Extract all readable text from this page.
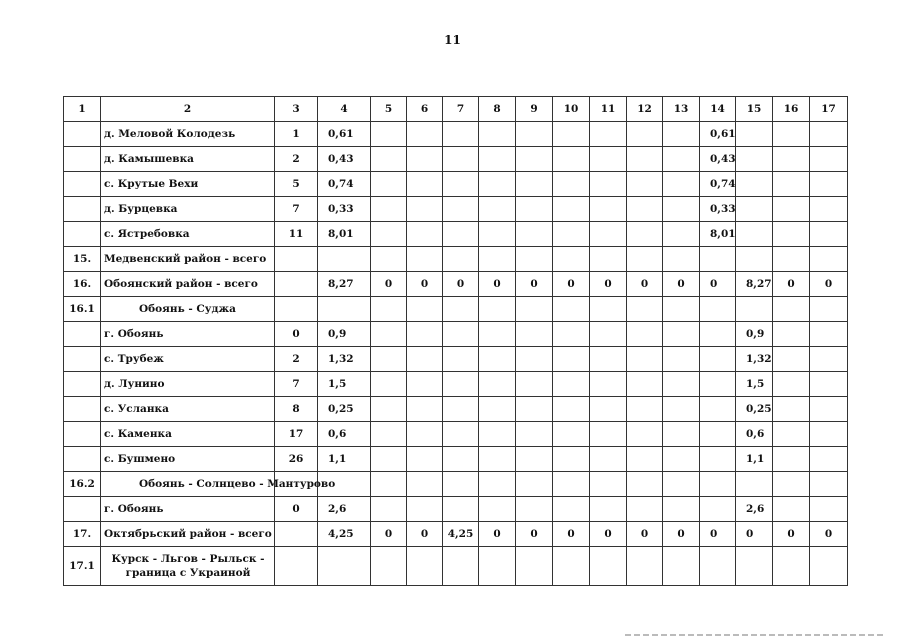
11
1	2	3	4	5	6	7	8	9	10	11	12	13	14	15	16	17
	д. Меловой Колодезь	1	0,61										0,61			
	д. Камышевка	2	0,43										0,43			
	с. Крутые Вехи	5	0,74										0,74			
	д. Бурцевка	7	0,33										0,33			
	с. Ястребовка	11	8,01										8,01			
15.	Медвенский район - всего															
16.	Обоянский район - всего		8,27	0	0	0	0	0	0	0	0	0	0	8,27	0	0
16.1	Обоянь - Суджа															
	г. Обоянь	0	0,9											0,9		
	с. Трубеж	2	1,32											1,32		
	д. Лунино	7	1,5											1,5		
	с. Усланка	8	0,25											0,25		
	с. Каменка	17	0,6											0,6		
	с. Бушмено	26	1,1											1,1		
16.2	Обоянь - Солнцево - Мантурово															
	г. Обоянь	0	2,6											2,6		
17.	Октябрьский район - всего		4,25	0	0	4,25	0	0	0	0	0	0	0	0	0	0
17.1	Курск - Льгов - Рыльск - граница с Украиной															
